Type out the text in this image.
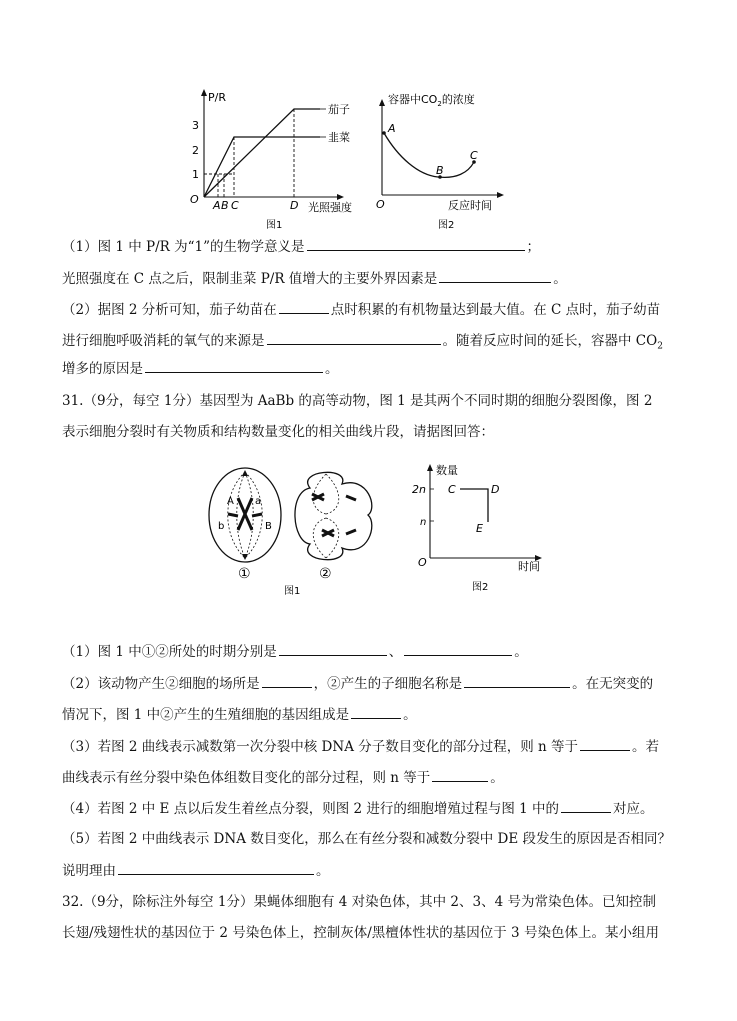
P/R
3
2
1
O
茄子
韭菜
A B C	D 光照强度
图1
容器中$CO_2$的浓度
A
B
C
O	反应时间
图2
（1）图 1 中 P/R 为“1”的生物学意义是	；
光照强度在 C 点之后，限制韭菜 P/R 值增大的主要外界因素是	。
（2）据图 2 分析可知，茄子幼苗在	点时积累的有机物量达到最大值。在 C 点时，茄子幼苗
进行细胞呼吸消耗的氧气的来源是	。随着反应时间的延长，容器中 $CO_2$
增多的原因是	。
31.（9分，每空 1分）基因型为 AaBb 的高等动物，图 1 是其两个不同时期的细胞分裂图像，图 2
表示细胞分裂时有关物质和结构数量变化的相关曲线片段，请据图回答：
A a
b	B
①	②
图1
数量
2n
n
C	D
E
O	时间
图2
（1）图 1 中①②所处的时期分别是	、	。
（2）该动物产生②细胞的场所是	，②产生的子细胞名称是	。在无突变的
情况下，图 1 中②产生的生殖细胞的基因组成是	。
（3）若图 2 曲线表示减数第一次分裂中核 DNA 分子数目变化的部分过程，则 n 等于	。若
曲线表示有丝分裂中染色体组数目变化的部分过程，则 n 等于	。
（4）若图 2 中 E 点以后发生着丝点分裂，则图 2 进行的细胞增殖过程与图 1 中的	对应。
（5）若图 2 中曲线表示 DNA 数目变化，那么在有丝分裂和减数分裂中 DE 段发生的原因是否相同？
说明理由	。
32.（9分，除标注外每空 1分）果蝇体细胞有 4 对染色体，其中 2、3、4 号为常染色体。已知控制
长翅/残翅性状的基因位于 2 号染色体上，控制灰体/黑檀体性状的基因位于 3 号染色体上。某小组用
